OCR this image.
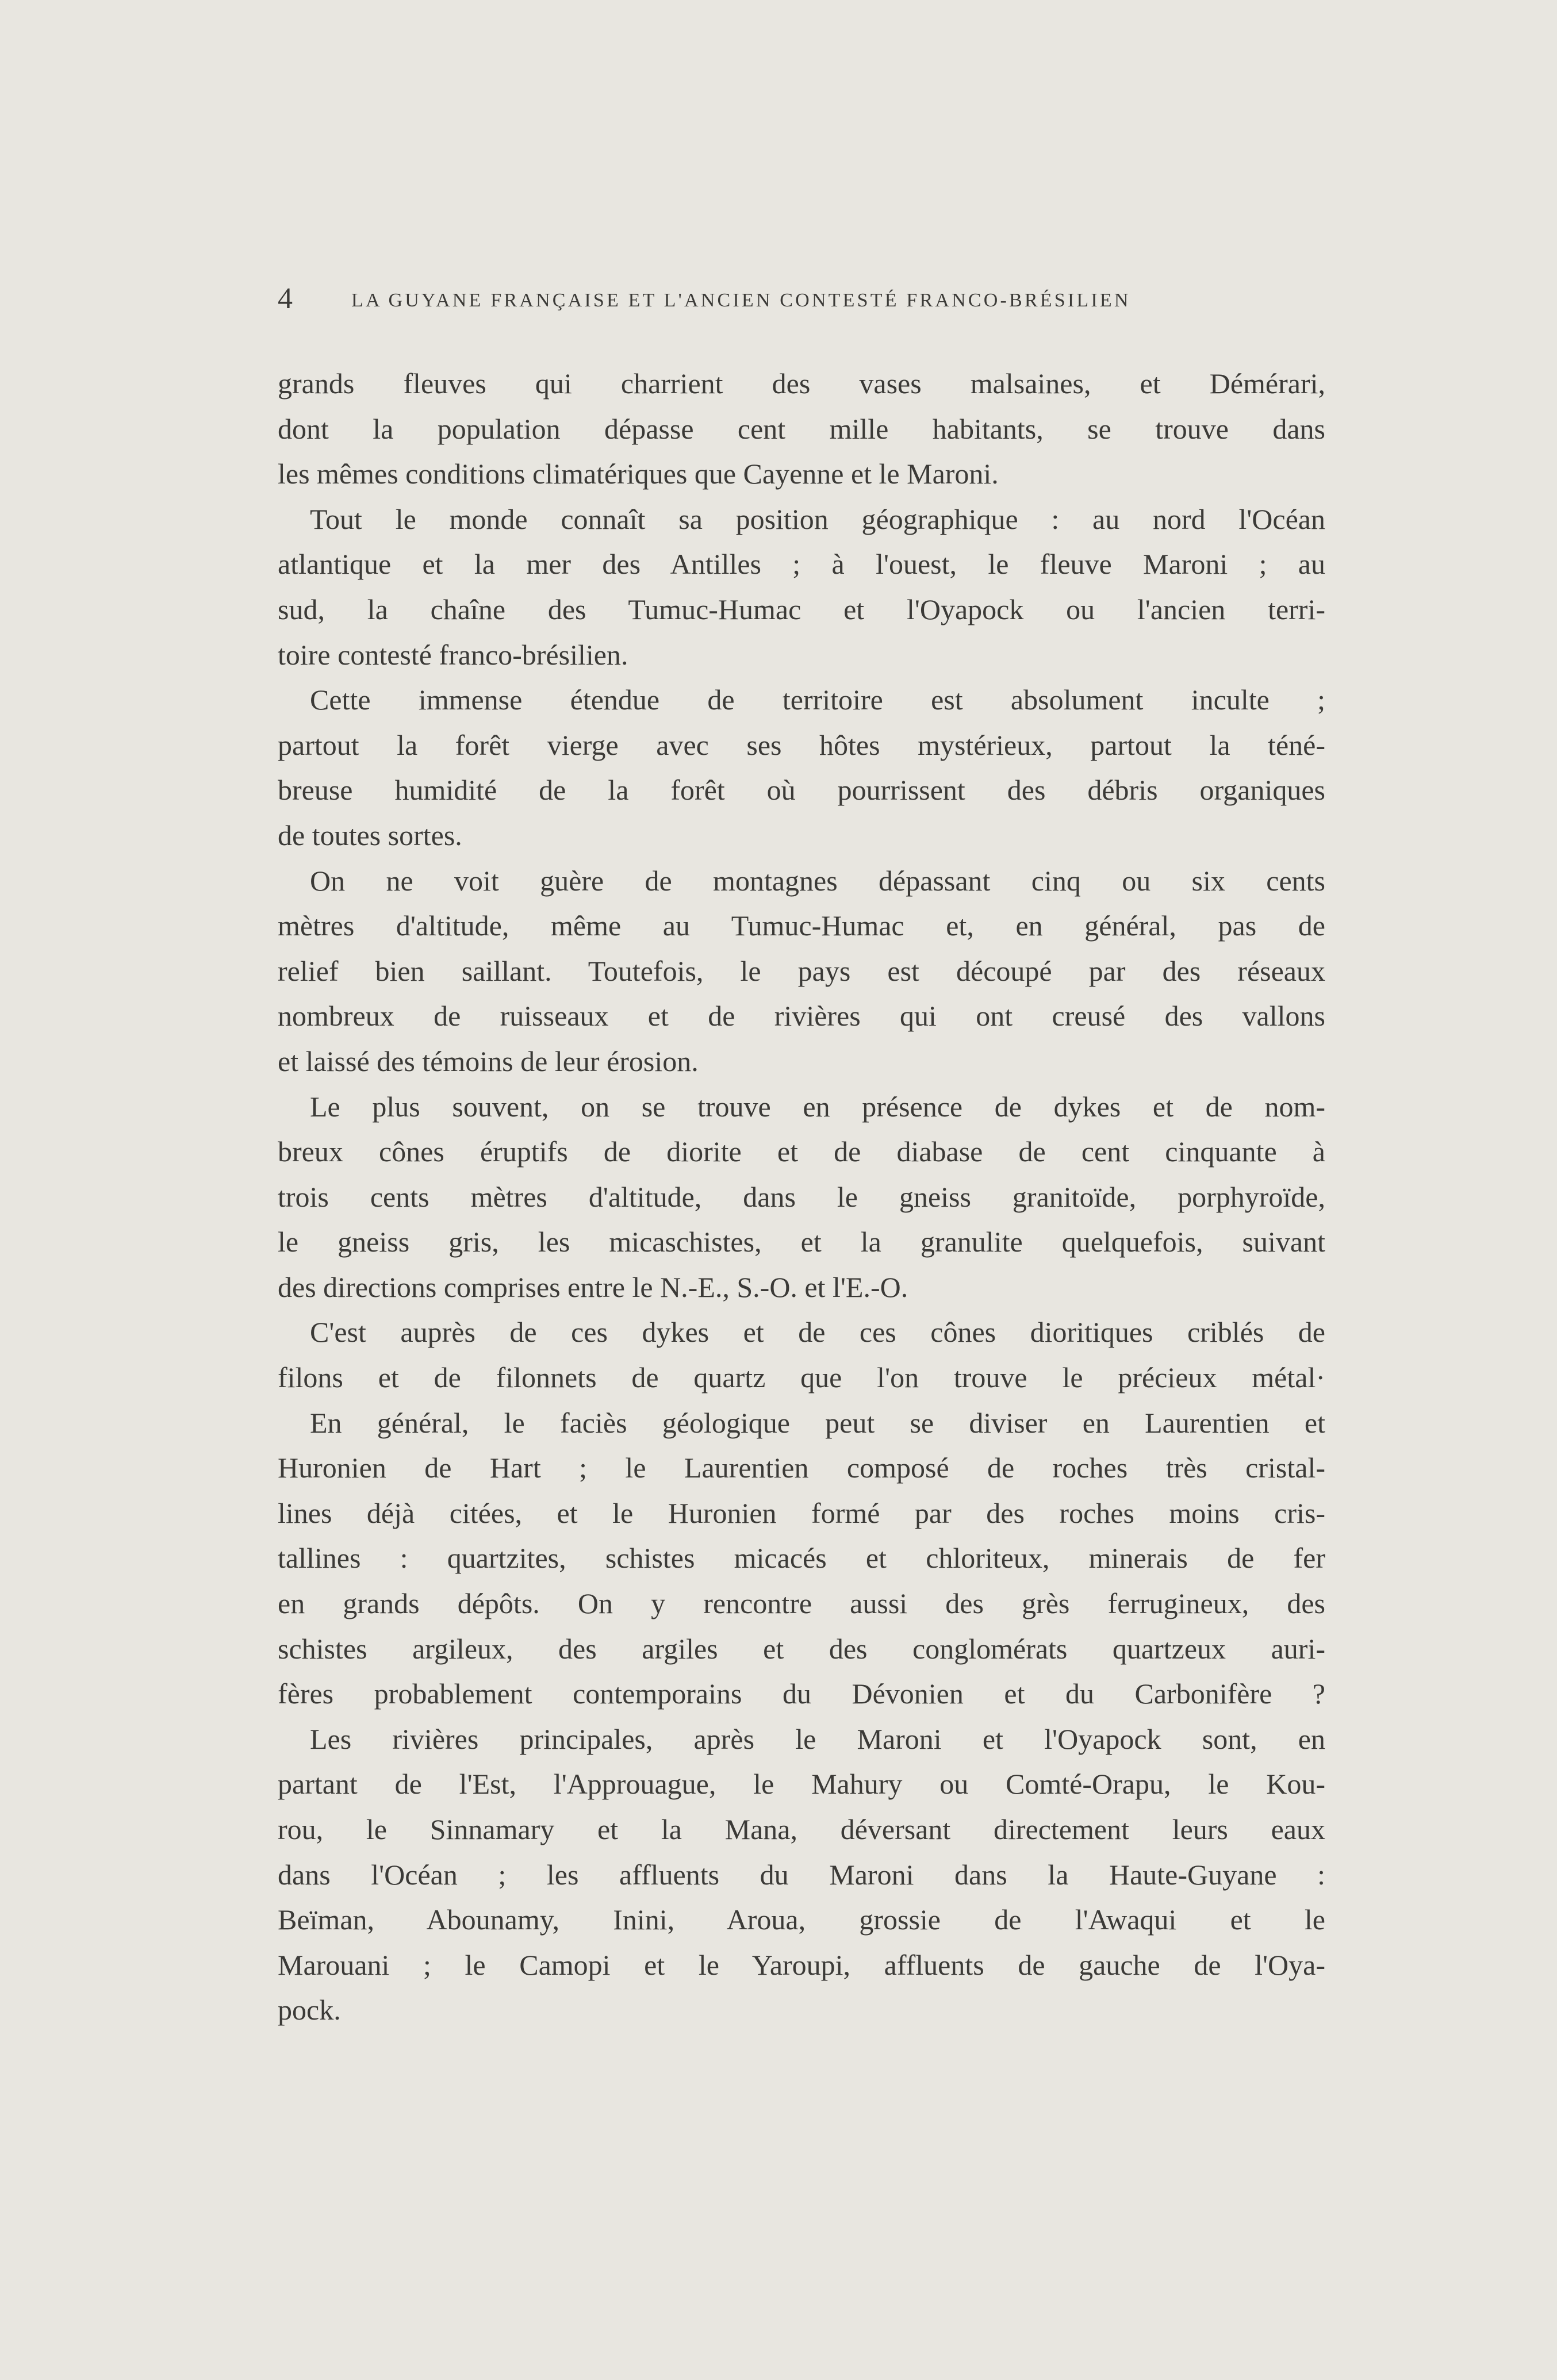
4	LA GUYANE FRANÇAISE ET L'ANCIEN CONTESTÉ FRANCO-BRÉSILIEN
grands fleuves qui charrient des vases malsaines, et Démérari,
dont la population dépasse cent mille habitants, se trouve dans
les mêmes conditions climatériques que Cayenne et le Maroni.
Tout le monde connaît sa position géographique : au nord l'Océan
atlantique et la mer des Antilles ; à l'ouest, le fleuve Maroni ; au
sud, la chaîne des Tumuc-Humac et l'Oyapock ou l'ancien terri-
toire contesté franco-brésilien.
Cette immense étendue de territoire est absolument inculte ;
partout la forêt vierge avec ses hôtes mystérieux, partout la téné-
breuse humidité de la forêt où pourrissent des débris organiques
de toutes sortes.
On ne voit guère de montagnes dépassant cinq ou six cents
mètres d'altitude, même au Tumuc-Humac et, en général, pas de
relief bien saillant. Toutefois, le pays est découpé par des réseaux
nombreux de ruisseaux et de rivières qui ont creusé des vallons
et laissé des témoins de leur érosion.
Le plus souvent, on se trouve en présence de dykes et de nom-
breux cônes éruptifs de diorite et de diabase de cent cinquante à
trois cents mètres d'altitude, dans le gneiss granitoïde, porphyroïde,
le gneiss gris, les micaschistes, et la granulite quelquefois, suivant
des directions comprises entre le N.-E., S.-O. et l'E.-O.
C'est auprès de ces dykes et de ces cônes dioritiques criblés de
filons et de filonnets de quartz que l'on trouve le précieux métal·
En général, le faciès géologique peut se diviser en Laurentien et
Huronien de Hart ; le Laurentien composé de roches très cristal-
lines déjà citées, et le Huronien formé par des roches moins cris-
tallines : quartzites, schistes micacés et chloriteux, minerais de fer
en grands dépôts. On y rencontre aussi des grès ferrugineux, des
schistes argileux, des argiles et des conglomérats quartzeux auri-
fères probablement contemporains du Dévonien et du Carbonifère ?
Les rivières principales, après le Maroni et l'Oyapock sont, en
partant de l'Est, l'Approuague, le Mahury ou Comté-Orapu, le Kou-
rou, le Sinnamary et la Mana, déversant directement leurs eaux
dans l'Océan ; les affluents du Maroni dans la Haute-Guyane :
Beïman, Abounamy, Inini, Aroua, grossie de l'Awaqui et le
Marouani ; le Camopi et le Yaroupi, affluents de gauche de l'Oya-
pock.
